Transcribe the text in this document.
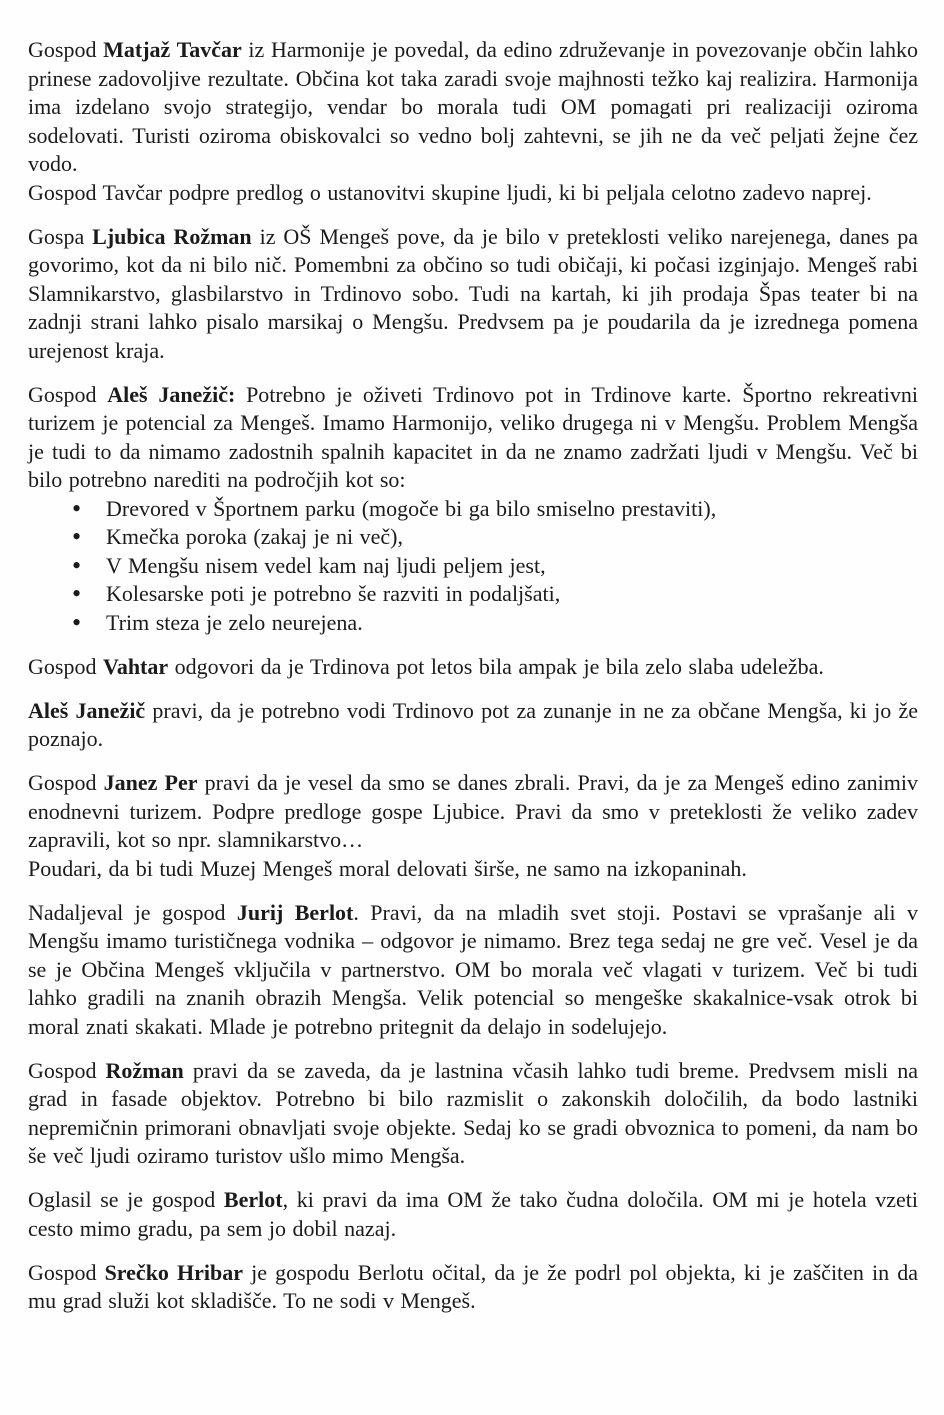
Gospod Matjaž Tavčar iz Harmonije je povedal, da edino združevanje in povezovanje občin lahko prinese zadovoljive rezultate. Občina kot taka zaradi svoje majhnosti težko kaj realizira. Harmonija ima izdelano svojo strategijo, vendar bo morala tudi OM pomagati pri realizaciji oziroma sodelovati. Turisti oziroma obiskovalci so vedno bolj zahtevni, se jih ne da več peljati žejne čez vodo.

Gospod Tavčar podpre predlog o ustanovitvi skupine ljudi, ki bi peljala celotno zadevo naprej.

Gospa Ljubica Rožman iz OŠ Mengeš pove, da je bilo v preteklosti veliko narejenega, danes pa govorimo, kot da ni bilo nič. Pomembni za občino so tudi običaji, ki počasi izginjajo. Mengeš rabi Slamnikarstvo, glasbilarstvo in Trdinovo sobo. Tudi na kartah, ki jih prodaja Špas teater bi na zadnji strani lahko pisalo marsikaj o Mengšu. Predvsem pa je poudarila da je izrednega pomena urejenost kraja.

Gospod Aleš Janežič: Potrebno je oživeti Trdinovo pot in Trdinove karte. Športno rekreativni turizem je potencial za Mengeš. Imamo Harmonijo, veliko drugega ni v Mengšu. Problem Mengša je tudi to da nimamo zadostnih spalnih kapacitet in da ne znamo zadržati ljudi v Mengšu. Več bi bilo potrebno narediti na področjih kot so:

• Drevored v Športnem parku (mogoče bi ga bilo smiselno prestaviti),
• Kmečka poroka (zakaj je ni več),
• V Mengšu nisem vedel kam naj ljudi peljem jest,
• Kolesarske poti je potrebno še razviti in podaljšati,
• Trim steza je zelo neurejena.

Gospod Vahtar odgovori da je Trdinova pot letos bila ampak je bila zelo slaba udeležba.

Aleš Janežič pravi, da je potrebno vodi Trdinovo pot za zunanje in ne za občane Mengša, ki jo že poznajo.

Gospod Janez Per pravi da je vesel da smo se danes zbrali. Pravi, da je za Mengeš edino zanimiv enodnevni turizem. Podpre predloge gospe Ljubice. Pravi da smo v preteklosti že veliko zadev zapravili, kot so npr. slamnikarstvo…

Poudari, da bi tudi Muzej Mengeš moral delovati širše, ne samo na izkopaninah.

Nadaljeval je gospod Jurij Berlot. Pravi, da na mladih svet stoji. Postavi se vprašanje ali v Mengšu imamo turističnega vodnika – odgovor je nimamo. Brez tega sedaj ne gre več. Vesel je da se je Občina Mengeš vključila v partnerstvo. OM bo morala več vlagati v turizem. Več bi tudi lahko gradili na znanih obrazih Mengša. Velik potencial so mengeške skakalnice-vsak otrok bi moral znati skakati. Mlade je potrebno pritegnit da delajo in sodelujejo.

Gospod Rožman pravi da se zaveda, da je lastnina včasih lahko tudi breme. Predvsem misli na grad in fasade objektov. Potrebno bi bilo razmislit o zakonskih določilih, da bodo lastniki nepremičnin primorani obnavljati svoje objekte. Sedaj ko se gradi obvoznica to pomeni, da nam bo še več ljudi oziramo turistov ušlo mimo Mengša.

Oglasil se je gospod Berlot, ki pravi da ima OM že tako čudna določila. OM mi je hotela vzeti cesto mimo gradu, pa sem jo dobil nazaj.

Gospod Srečko Hribar je gospodu Berlotu očital, da je že podrl pol objekta, ki je zaščiten in da mu grad služi kot skladišče. To ne sodi v Mengeš.
